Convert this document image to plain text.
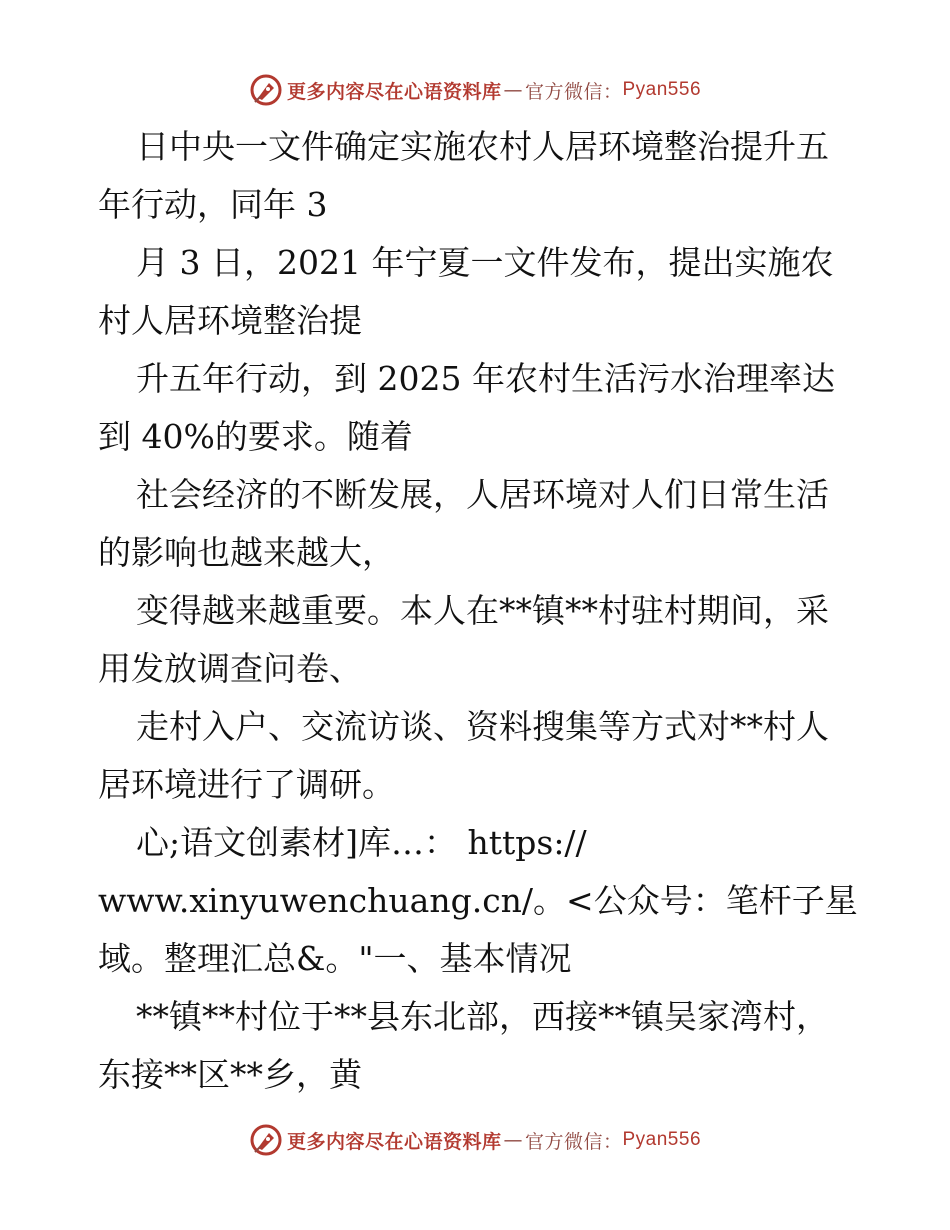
更多内容尽在心语资料库 — 官方微信： Pyan556
日中央一文件确定实施农村人居环境整治提升五
年行动，同年 3
月 3 日，2021 年宁夏一文件发布，提出实施农
村人居环境整治提
升五年行动，到 2025 年农村生活污水治理率达
到 40%的要求。随着
社会经济的不断发展，人居环境对人们日常生活
的影响也越来越大，
变得越来越重要。本人在**镇**村驻村期间，采
用发放调查问卷、
走村入户、交流访谈、资料搜集等方式对**村人
居环境进行了调研。
心;语文创素材]库…： https://
www.xinyuwenchuang.cn/。<公众号：笔杆子星
域。整理汇总&。"一、基本情况
**镇**村位于**县东北部，西接**镇吴家湾村，
东接**区**乡，黄
更多内容尽在心语资料库 — 官方微信： Pyan556
